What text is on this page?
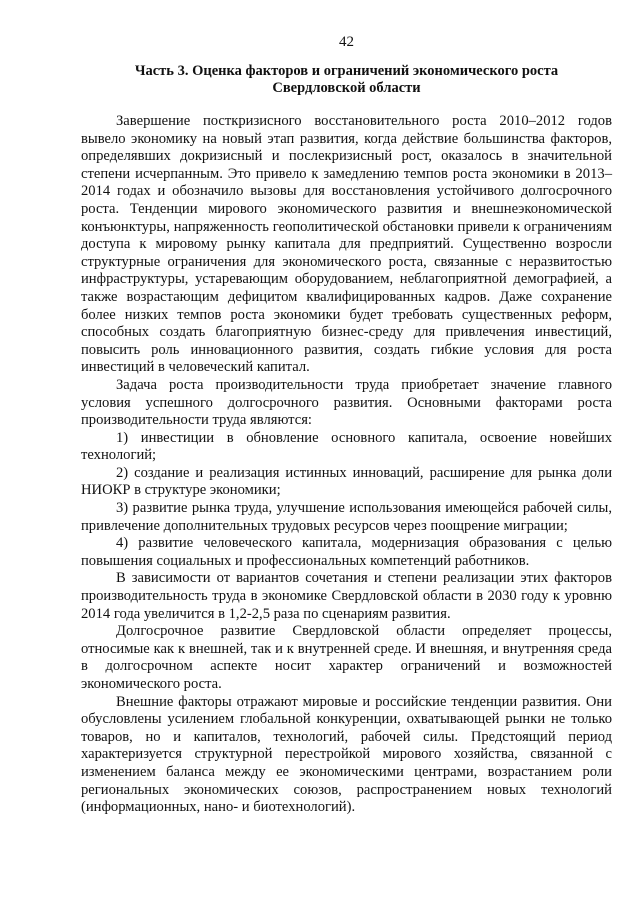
42
Часть 3. Оценка факторов и ограничений экономического роста
Свердловской области

Завершение посткризисного восстановительного роста 2010–2012 годов вывело экономику на новый этап развития, когда действие большинства факторов, определявших докризисный и послекризисный рост, оказалось в значительной степени исчерпанным. Это привело к замедлению темпов роста экономики в 2013–2014 годах и обозначило вызовы для восстановления устойчивого долгосрочного роста. Тенденции мирового экономического развития и внешнеэкономической конъюнктуры, напряженность геополитической обстановки привели к ограничениям доступа к мировому рынку капитала для предприятий. Существенно возросли структурные ограничения для экономического роста, связанные с неразвитостью инфраструктуры, устаревающим оборудованием, неблагоприятной демографией, а также возрастающим дефицитом квалифицированных кадров. Даже сохранение более низких темпов роста экономики будет требовать существенных реформ, способных создать благоприятную бизнес-среду для привлечения инвестиций, повысить роль инновационного развития, создать гибкие условия для роста инвестиций в человеческий капитал.

Задача роста производительности труда приобретает значение главного условия успешного долгосрочного развития. Основными факторами роста производительности труда являются:

1) инвестиции в обновление основного капитала, освоение новейших технологий;

2) создание и реализация истинных инноваций, расширение для рынка доли НИОКР в структуре экономики;

3) развитие рынка труда, улучшение использования имеющейся рабочей силы, привлечение дополнительных трудовых ресурсов через поощрение миграции;

4) развитие человеческого капитала, модернизация образования с целью повышения социальных и профессиональных компетенций работников.

В зависимости от вариантов сочетания и степени реализации этих факторов производительность труда в экономике Свердловской области в 2030 году к уровню 2014 года увеличится в 1,2-2,5 раза по сценариям развития.

Долгосрочное развитие Свердловской области определяет процессы, относимые как к внешней, так и к внутренней среде. И внешняя, и внутренняя среда в долгосрочном аспекте носит характер ограничений и возможностей экономического роста.

Внешние факторы отражают мировые и российские тенденции развития. Они обусловлены усилением глобальной конкуренции, охватывающей рынки не только товаров, но и капиталов, технологий, рабочей силы. Предстоящий период характеризуется структурной перестройкой мирового хозяйства, связанной с изменением баланса между ее экономическими центрами, возрастанием роли региональных экономических союзов, распространением новых технологий (информационных, нано- и биотехнологий).
